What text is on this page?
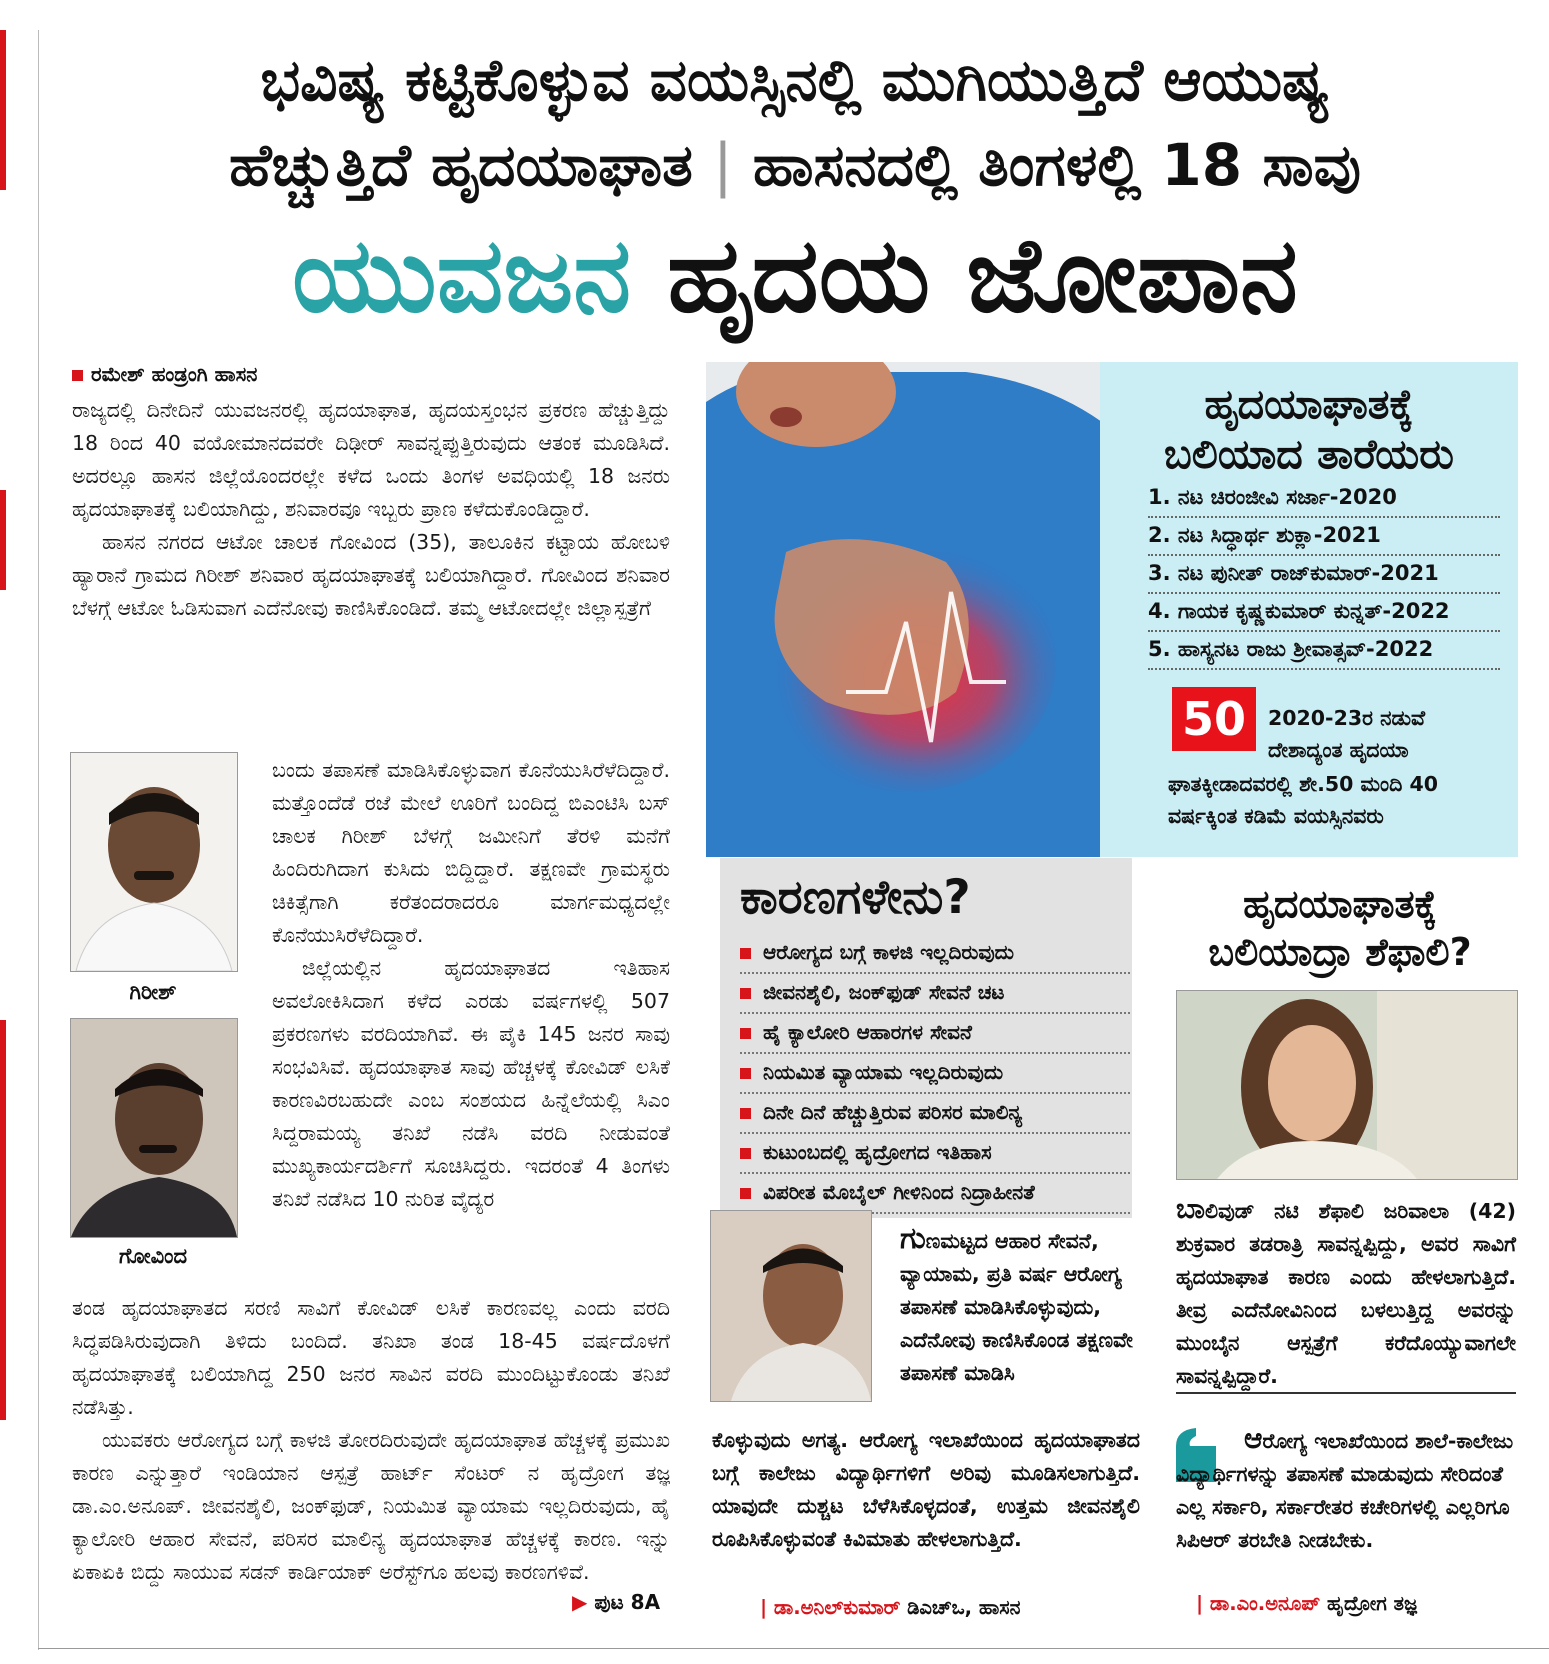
ಭವಿಷ್ಯ ಕಟ್ಟಿಕೊಳ್ಳುವ ವಯಸ್ಸಿನಲ್ಲಿ ಮುಗಿಯುತ್ತಿದೆ ಆಯುಷ್ಯ
ಹೆಚ್ಚುತ್ತಿದೆ ಹೃದಯಾಘಾತ | ಹಾಸನದಲ್ಲಿ ತಿಂಗಳಲ್ಲಿ 18 ಸಾವು
ಯುವಜನ ಹೃದಯ ಜೋಪಾನ
ರಮೇಶ್ ಹಂಡ್ರಂಗಿ ಹಾಸನ

ರಾಜ್ಯದಲ್ಲಿ ದಿನೇದಿನೆ ಯುವಜನರಲ್ಲಿ ಹೃದಯಾಘಾತ, ಹೃದಯಸ್ತಂಭನ ಪ್ರಕರಣ ಹೆಚ್ಚುತ್ತಿದ್ದು 18 ರಿಂದ 40 ವಯೋಮಾನದವರೇ ದಿಢೀರ್ ಸಾವನ್ನಪ್ಪುತ್ತಿರುವುದು ಆತಂಕ ಮೂಡಿಸಿದೆ. ಅದರಲ್ಲೂ ಹಾಸನ ಜಿಲ್ಲೆಯೊಂದರಲ್ಲೇ ಕಳೆದ ಒಂದು ತಿಂಗಳ ಅವಧಿಯಲ್ಲಿ 18 ಜನರು ಹೃದಯಾಘಾತಕ್ಕೆ ಬಲಿಯಾಗಿದ್ದು, ಶನಿವಾರವೂ ಇಬ್ಬರು ಪ್ರಾಣ ಕಳೆದುಕೊಂಡಿದ್ದಾರೆ.

ಹಾಸನ ನಗರದ ಆಟೋ ಚಾಲಕ ಗೋವಿಂದ (35), ತಾಲೂಕಿನ ಕಟ್ಟಾಯ ಹೋಬಳಿ ಹ್ಯಾರಾನೆ ಗ್ರಾಮದ ಗಿರೀಶ್ ಶನಿವಾರ ಹೃದಯಾಘಾತಕ್ಕೆ ಬಲಿಯಾಗಿದ್ದಾರೆ. ಗೋವಿಂದ ಶನಿವಾರ ಬೆಳಗ್ಗೆ ಆಟೋ ಓಡಿಸುವಾಗ ಎದೆನೋವು ಕಾಣಿಸಿಕೊಂಡಿದೆ. ತಮ್ಮ ಆಟೋದಲ್ಲೇ ಜಿಲ್ಲಾಸ್ಪತ್ರೆಗೆ

ಗಿರೀಶ್
ಗೋವಿಂದ

ಬಂದು ತಪಾಸಣೆ ಮಾಡಿಸಿಕೊಳ್ಳುವಾಗ ಕೊನೆಯುಸಿರೆಳೆದಿದ್ದಾರೆ. ಮತ್ತೊಂದೆಡೆ ರಜೆ ಮೇಲೆ ಊರಿಗೆ ಬಂದಿದ್ದ ಬಿಎಂಟಿಸಿ ಬಸ್ ಚಾಲಕ ಗಿರೀಶ್ ಬೆಳಗ್ಗೆ ಜಮೀನಿಗೆ ತೆರಳಿ ಮನೆಗೆ ಹಿಂದಿರುಗಿದಾಗ ಕುಸಿದು ಬಿದ್ದಿದ್ದಾರೆ. ತಕ್ಷಣವೇ ಗ್ರಾಮಸ್ಥರು ಚಿಕಿತ್ಸೆಗಾಗಿ ಕರೆತಂದರಾದರೂ ಮಾರ್ಗಮಧ್ಯದಲ್ಲೇ ಕೊನೆಯುಸಿರೆಳೆದಿದ್ದಾರೆ.

ಜಿಲ್ಲೆಯಲ್ಲಿನ ಹೃದಯಾಘಾತದ ಇತಿಹಾಸ ಅವಲೋಕಿಸಿದಾಗ ಕಳೆದ ಎರಡು ವರ್ಷಗಳಲ್ಲಿ 507 ಪ್ರಕರಣಗಳು ವರದಿಯಾಗಿವೆ. ಈ ಪೈಕಿ 145 ಜನರ ಸಾವು ಸಂಭವಿಸಿವೆ. ಹೃದಯಾಘಾತ ಸಾವು ಹೆಚ್ಚಳಕ್ಕೆ ಕೋವಿಡ್ ಲಸಿಕೆ ಕಾರಣವಿರಬಹುದೇ ಎಂಬ ಸಂಶಯದ ಹಿನ್ನೆಲೆಯಲ್ಲಿ ಸಿಎಂ ಸಿದ್ದರಾಮಯ್ಯ ತನಿಖೆ ನಡೆಸಿ ವರದಿ ನೀಡುವಂತೆ ಮುಖ್ಯಕಾರ್ಯದರ್ಶಿಗೆ ಸೂಚಿಸಿದ್ದರು. ಇದರಂತೆ 4 ತಿಂಗಳು ತನಿಖೆ ನಡೆಸಿದ 10 ನುರಿತ ವೈದ್ಯರ

ತಂಡ ಹೃದಯಾಘಾತದ ಸರಣಿ ಸಾವಿಗೆ ಕೋವಿಡ್ ಲಸಿಕೆ ಕಾರಣವಲ್ಲ ಎಂದು ವರದಿ ಸಿದ್ಧಪಡಿಸಿರುವುದಾಗಿ ತಿಳಿದು ಬಂದಿದೆ. ತನಿಖಾ ತಂಡ 18-45 ವರ್ಷದೊಳಗೆ ಹೃದಯಾಘಾತಕ್ಕೆ ಬಲಿಯಾಗಿದ್ದ 250 ಜನರ ಸಾವಿನ ವರದಿ ಮುಂದಿಟ್ಟುಕೊಂಡು ತನಿಖೆ ನಡೆಸಿತ್ತು.

ಯುವಕರು ಆರೋಗ್ಯದ ಬಗ್ಗೆ ಕಾಳಜಿ ತೋರದಿರುವುದೇ ಹೃದಯಾಘಾತ ಹೆಚ್ಚಳಕ್ಕೆ ಪ್ರಮುಖ ಕಾರಣ ಎನ್ನುತ್ತಾರೆ ಇಂಡಿಯಾನ ಆಸ್ಪತ್ರೆ ಹಾರ್ಟ್ ಸೆಂಟರ್ ನ ಹೃದ್ರೋಗ ತಜ್ಞ ಡಾ.ಎಂ.ಅನೂಪ್. ಜೀವನಶೈಲಿ, ಜಂಕ್‌ಫುಡ್, ನಿಯಮಿತ ವ್ಯಾಯಾಮ ಇಲ್ಲದಿರುವುದು, ಹೈ ಕ್ಯಾಲೋರಿ ಆಹಾರ ಸೇವನೆ, ಪರಿಸರ ಮಾಲಿನ್ಯ ಹೃದಯಾಘಾತ ಹೆಚ್ಚಳಕ್ಕೆ ಕಾರಣ. ಇನ್ನು ಏಕಾಏಕಿ ಬಿದ್ದು ಸಾಯುವ ಸಡನ್ ಕಾರ್ಡಿಯಾಕ್ ಅರೆಸ್ಟ್‌ಗೂ ಹಲವು ಕಾರಣಗಳಿವೆ.

▶ ಪುಟ 8A
ಹೃದಯಾಘಾತಕ್ಕೆ
ಬಲಿಯಾದ ತಾರೆಯರು
1. ನಟ ಚಿರಂಜೀವಿ ಸರ್ಜಾ-2020
2. ನಟ ಸಿದ್ಧಾರ್ಥ ಶುಕ್ಲಾ-2021
3. ನಟ ಪುನೀತ್ ರಾಜ್‌ಕುಮಾರ್-2021
4. ಗಾಯಕ ಕೃಷ್ಣಕುಮಾರ್ ಕುನ್ನತ್-2022
5. ಹಾಸ್ಯನಟ ರಾಜು ಶ್ರೀವಾತ್ಸವ್-2022
50	2020-23ರ ನಡುವೆ
ದೇಶಾದ್ಯಂತ ಹೃದಯಾ
ಘಾತಕ್ಕೀಡಾದವರಲ್ಲಿ ಶೇ.50 ಮಂದಿ 40
ವರ್ಷಕ್ಕಿಂತ ಕಡಿಮೆ ವಯಸ್ಸಿನವರು
ಕಾರಣಗಳೇನು?
ಆರೋಗ್ಯದ ಬಗ್ಗೆ ಕಾಳಜಿ ಇಲ್ಲದಿರುವುದು
ಜೀವನಶೈಲಿ, ಜಂಕ್‌ಫುಡ್ ಸೇವನೆ ಚಟ
ಹೈ ಕ್ಯಾಲೋರಿ ಆಹಾರಗಳ ಸೇವನೆ
ನಿಯಮಿತ ವ್ಯಾಯಾಮ ಇಲ್ಲದಿರುವುದು
ದಿನೇ ದಿನೆ ಹೆಚ್ಚುತ್ತಿರುವ ಪರಿಸರ ಮಾಲಿನ್ಯ
ಕುಟುಂಬದಲ್ಲಿ ಹೃದ್ರೋಗದ ಇತಿಹಾಸ
ವಿಪರೀತ ಮೊಬೈಲ್ ಗೀಳಿನಿಂದ ನಿದ್ರಾಹೀನತೆ
ಗುಣಮಟ್ಟದ ಆಹಾರ ಸೇವನೆ, ವ್ಯಾಯಾಮ, ಪ್ರತಿ ವರ್ಷ ಆರೋಗ್ಯ ತಪಾಸಣೆ ಮಾಡಿಸಿಕೊಳ್ಳುವುದು, ಎದೆನೋವು ಕಾಣಿಸಿಕೊಂಡ ತಕ್ಷಣವೇ ತಪಾಸಣೆ ಮಾಡಿಸಿ
ಕೊಳ್ಳುವುದು ಅಗತ್ಯ. ಆರೋಗ್ಯ ಇಲಾಖೆಯಿಂದ ಹೃದಯಾಘಾತದ ಬಗ್ಗೆ ಕಾಲೇಜು ವಿದ್ಯಾರ್ಥಿಗಳಿಗೆ ಅರಿವು ಮೂಡಿಸಲಾಗುತ್ತಿದೆ. ಯಾವುದೇ ದುಶ್ಚಟ ಬೆಳೆಸಿಕೊಳ್ಳದಂತೆ, ಉತ್ತಮ ಜೀವನಶೈಲಿ ರೂಪಿಸಿಕೊಳ್ಳುವಂತೆ ಕಿವಿಮಾತು ಹೇಳಲಾಗುತ್ತಿದೆ.
| ಡಾ.ಅನಿಲ್‌ಕುಮಾರ್ ಡಿಎಚ್‌ಒ, ಹಾಸನ
ಹೃದಯಾಘಾತಕ್ಕೆ
ಬಲಿಯಾದ್ರಾ ಶೆಫಾಲಿ?
ಬಾಲಿವುಡ್ ನಟಿ ಶೆಫಾಲಿ ಜರಿವಾಲಾ (42) ಶುಕ್ರವಾರ ತಡರಾತ್ರಿ ಸಾವನ್ನಪ್ಪಿದ್ದು, ಅವರ ಸಾವಿಗೆ ಹೃದಯಾಘಾತ ಕಾರಣ ಎಂದು ಹೇಳಲಾಗುತ್ತಿದೆ. ತೀವ್ರ ಎದೆನೋವಿನಿಂದ ಬಳಲುತ್ತಿದ್ದ ಅವರನ್ನು ಮುಂಬೈನ ಆಸ್ಪತ್ರೆಗೆ ಕರೆದೊಯ್ಯುವಾಗಲೇ ಸಾವನ್ನಪ್ಪಿದ್ದಾರೆ.
ಆರೋಗ್ಯ ಇಲಾಖೆಯಿಂದ ಶಾಲೆ-ಕಾಲೇಜು ವಿದ್ಯಾರ್ಥಿಗಳನ್ನು ತಪಾಸಣೆ ಮಾಡುವುದು ಸೇರಿದಂತೆ ಎಲ್ಲ ಸರ್ಕಾರಿ, ಸರ್ಕಾರೇತರ ಕಚೇರಿಗಳಲ್ಲಿ ಎಲ್ಲರಿಗೂ ಸಿಪಿಆರ್ ತರಬೇತಿ ನೀಡಬೇಕು.
| ಡಾ.ಎಂ.ಅನೂಪ್ ಹೃದ್ರೋಗ ತಜ್ಞ
